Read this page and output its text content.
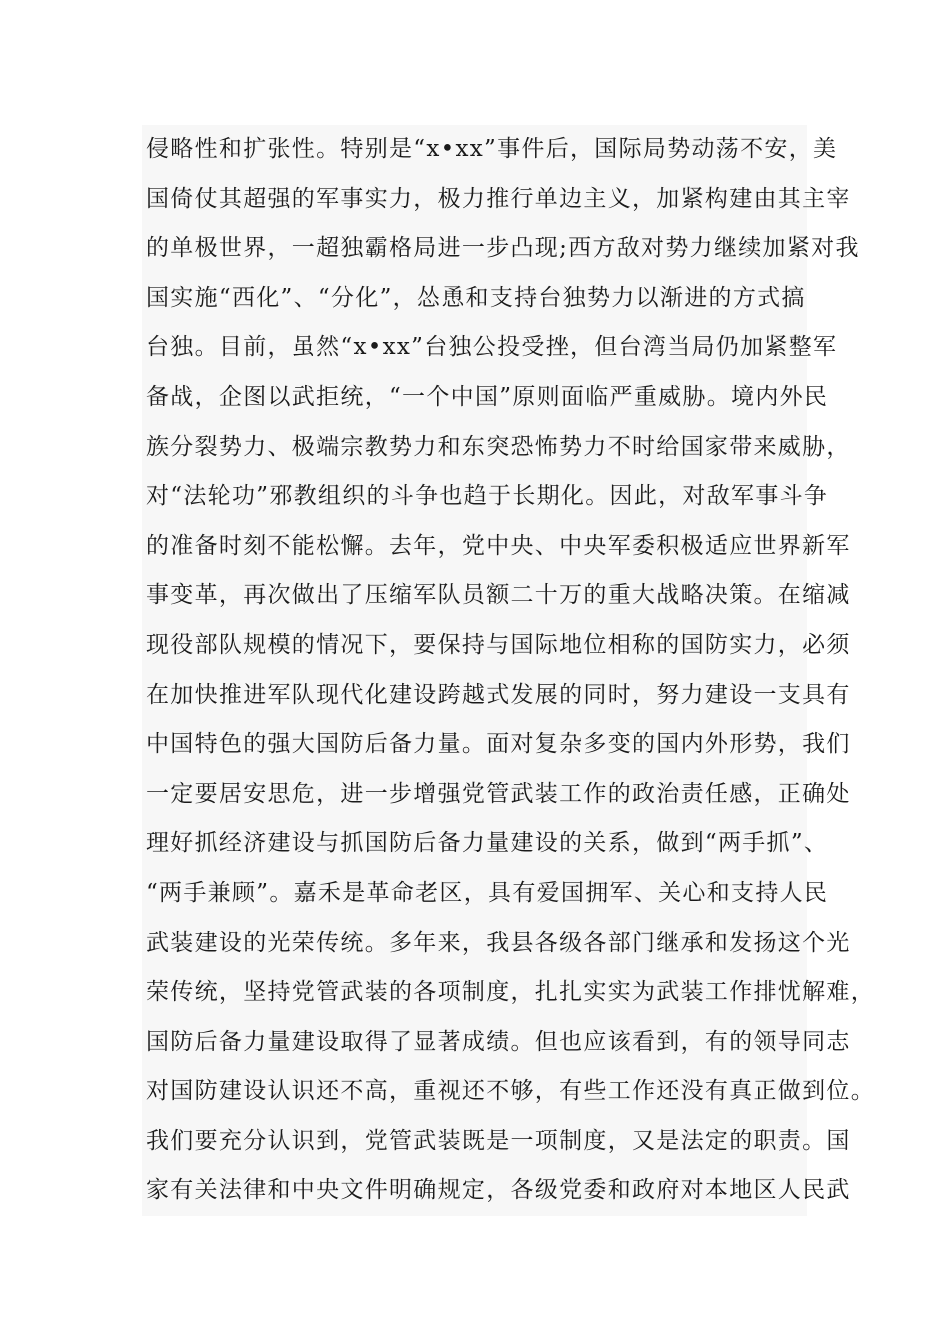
侵略性和扩张性。特别是“x•xx”事件后，国际局势动荡不安，美
国倚仗其超强的军事实力，极力推行单边主义，加紧构建由其主宰
的单极世界，一超独霸格局进一步凸现;西方敌对势力继续加紧对我
国实施“西化”、“分化”，怂恿和支持台独势力以渐进的方式搞
台独。目前，虽然“x•xx”台独公投受挫，但台湾当局仍加紧整军
备战，企图以武拒统，“一个中国”原则面临严重威胁。境内外民
族分裂势力、极端宗教势力和东突恐怖势力不时给国家带来威胁，
对“法轮功”邪教组织的斗争也趋于长期化。因此，对敌军事斗争
的准备时刻不能松懈。去年，党中央、中央军委积极适应世界新军
事变革，再次做出了压缩军队员额二十万的重大战略决策。在缩减
现役部队规模的情况下，要保持与国际地位相称的国防实力，必须
在加快推进军队现代化建设跨越式发展的同时，努力建设一支具有
中国特色的强大国防后备力量。面对复杂多变的国内外形势，我们
一定要居安思危，进一步增强党管武装工作的政治责任感，正确处
理好抓经济建设与抓国防后备力量建设的关系，做到“两手抓”、
“两手兼顾”。嘉禾是革命老区，具有爱国拥军、关心和支持人民
武装建设的光荣传统。多年来，我县各级各部门继承和发扬这个光
荣传统，坚持党管武装的各项制度，扎扎实实为武装工作排忧解难，
国防后备力量建设取得了显著成绩。但也应该看到，有的领导同志
对国防建设认识还不高，重视还不够，有些工作还没有真正做到位。
我们要充分认识到，党管武装既是一项制度，又是法定的职责。国
家有关法律和中央文件明确规定，各级党委和政府对本地区人民武
